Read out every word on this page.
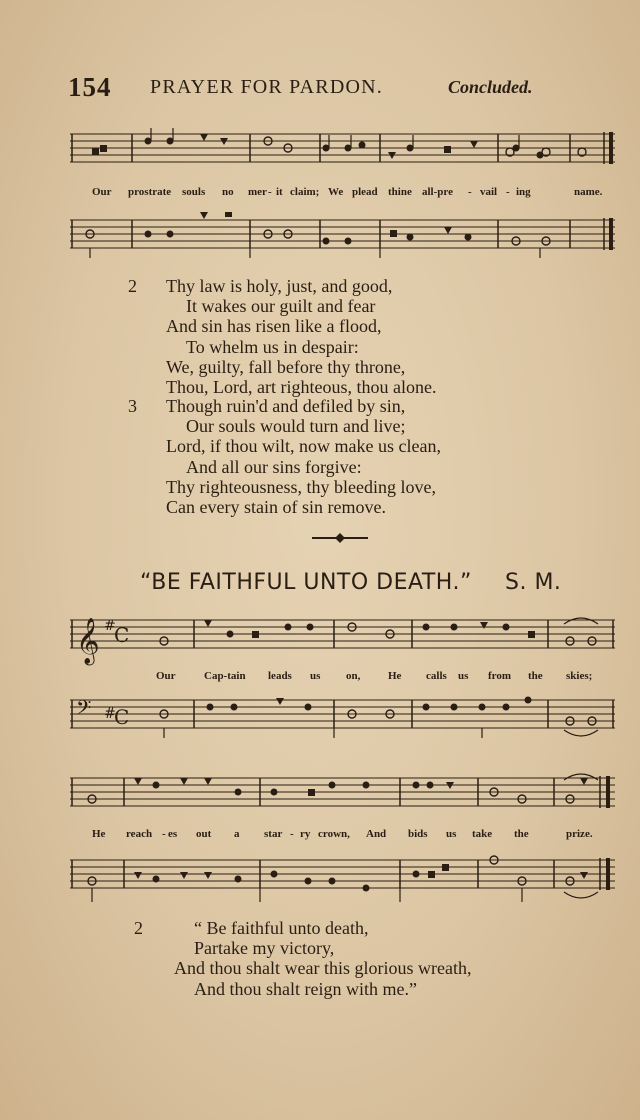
154 PRAYER FOR PARDON.	Concluded.
Our prostrate souls no mer - it claim; We plead thine all-pre - vail - ing	name.
2 Thy law is holy, just, and good,
It wakes our guilt and fear
And sin has risen like a flood,
To whelm us in despair:
We, guilty, fall before thy throne,
Thou, Lord, art righteous, thou alone.
3 Though ruin'd and defiled by sin,
Our souls would turn and live;
Lord, if thou wilt, now make us clean,
And all our sins forgive:
Thy righteousness, thy bleeding love,
Can every stain of sin remove.
“BE FAITHFUL UNTO DEATH.” S. M.
𝄞 #
C
Our	Cap-tain leads us on,	He calls us from the skies;
𝄢 #
C
He reach - es out a star - ry crown, And bids us take the	prize.
2	“ Be faithful unto death,
Partake my victory,
And thou shalt wear this glorious wreath,
And thou shalt reign with me.”
